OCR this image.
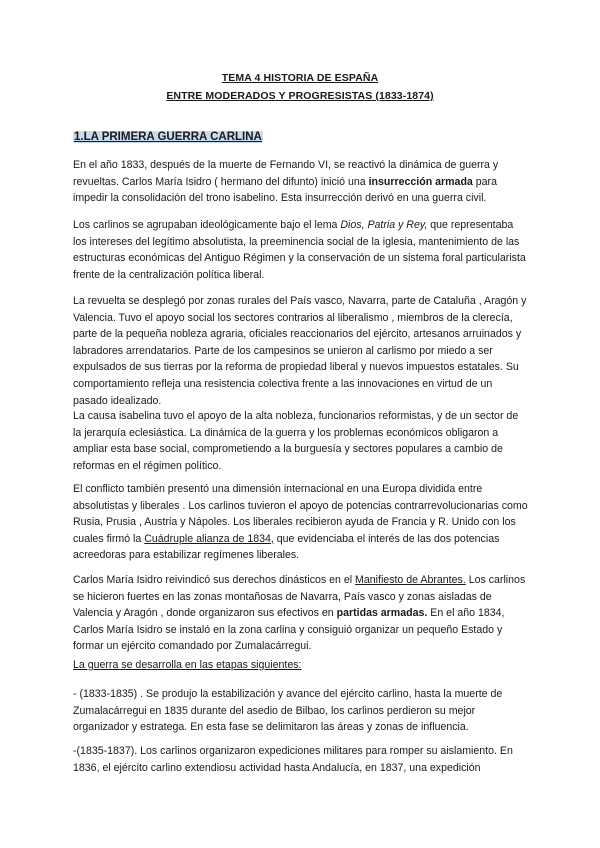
TEMA 4 HISTORIA DE ESPAÑA
ENTRE MODERADOS Y PROGRESISTAS (1833-1874)
1.LA PRIMERA GUERRA CARLINA
En el año 1833, después de la muerte de Fernando VI, se reactivó la dinámica de guerra y revueltas. Carlos María Isidro ( hermano del difunto) inició una insurrección armada para impedir la consolidación del trono isabelino. Esta insurrección derivó en una guerra civil.
Los carlinos se agrupaban ideológicamente bajo el lema Dios, Patria y Rey, que representaba los intereses del legítimo absolutista, la preeminencia social de la iglesia, mantenimiento de las estructuras económicas del Antiguo Régimen y la conservación de un sistema foral particularista frente de la centralización política liberal.
La revuelta se desplegó por zonas rurales del País vasco, Navarra, parte de Cataluña , Aragón y Valencia. Tuvo el apoyo social los sectores contrarios al liberalismo , miembros de la clerecía, parte de la pequeña nobleza agraria, oficiales reaccionarios del ejército, artesanos arruinados y labradores arrendatarios. Parte de los campesinos se unieron al carlismo por miedo a ser expulsados de sus tierras por la reforma de propiedad liberal y nuevos impuestos estatales. Su comportamiento refleja una resistencia colectiva frente a las innovaciones en virtud de un pasado idealizado.
La causa isabelina tuvo el apoyo de la alta nobleza, funcionarios reformistas, y de un sector de la jerarquía eclesiástica. La dinámica de la guerra y los problemas económicos obligaron a ampliar esta base social, comprometiendo a la burguesía y sectores populares a cambio de reformas en el régimen político.
El conflicto también presentó una dimensión internacional en una Europa dividida entre absolutistas y liberales . Los carlinos tuvieron el apoyo de potencias contrarrevolucionarias como Rusia, Prusia , Austria y Nápoles. Los liberales recibieron ayuda de Francia y R. Unido con los cuales firmó la Cuádruple alianza de 1834, que evidenciaba el interés de las dos potencias acreedoras para estabilizar regímenes liberales.
Carlos María Isidro reivindicó sus derechos dinásticos en el Manifiesto de Abrantes. Los carlinos se hicieron fuertes en las zonas montañosas de Navarra, País vasco y zonas aisladas de Valencia y Aragón , donde organizaron sus efectivos en partidas armadas. En el año 1834, Carlos María Isidro se instaló en la zona carlina y consiguió organizar un pequeño Estado y formar un ejército comandado por Zumalacárregui.
La guerra se desarrolla en las etapas siguientes:
- (1833-1835) . Se produjo la estabilización y avance del ejército carlino, hasta la muerte de Zumalacárregui en 1835 durante del asedio de Bilbao, los carlinos perdieron su mejor organizador y estratega. En esta fase se delimitaron las áreas y zonas de influencia.
-(1835-1837). Los carlinos organizaron expediciones militares para romper su aislamiento. En 1836, el ejército carlino extendiosu actividad hasta Andalucía, en 1837, una expedición
